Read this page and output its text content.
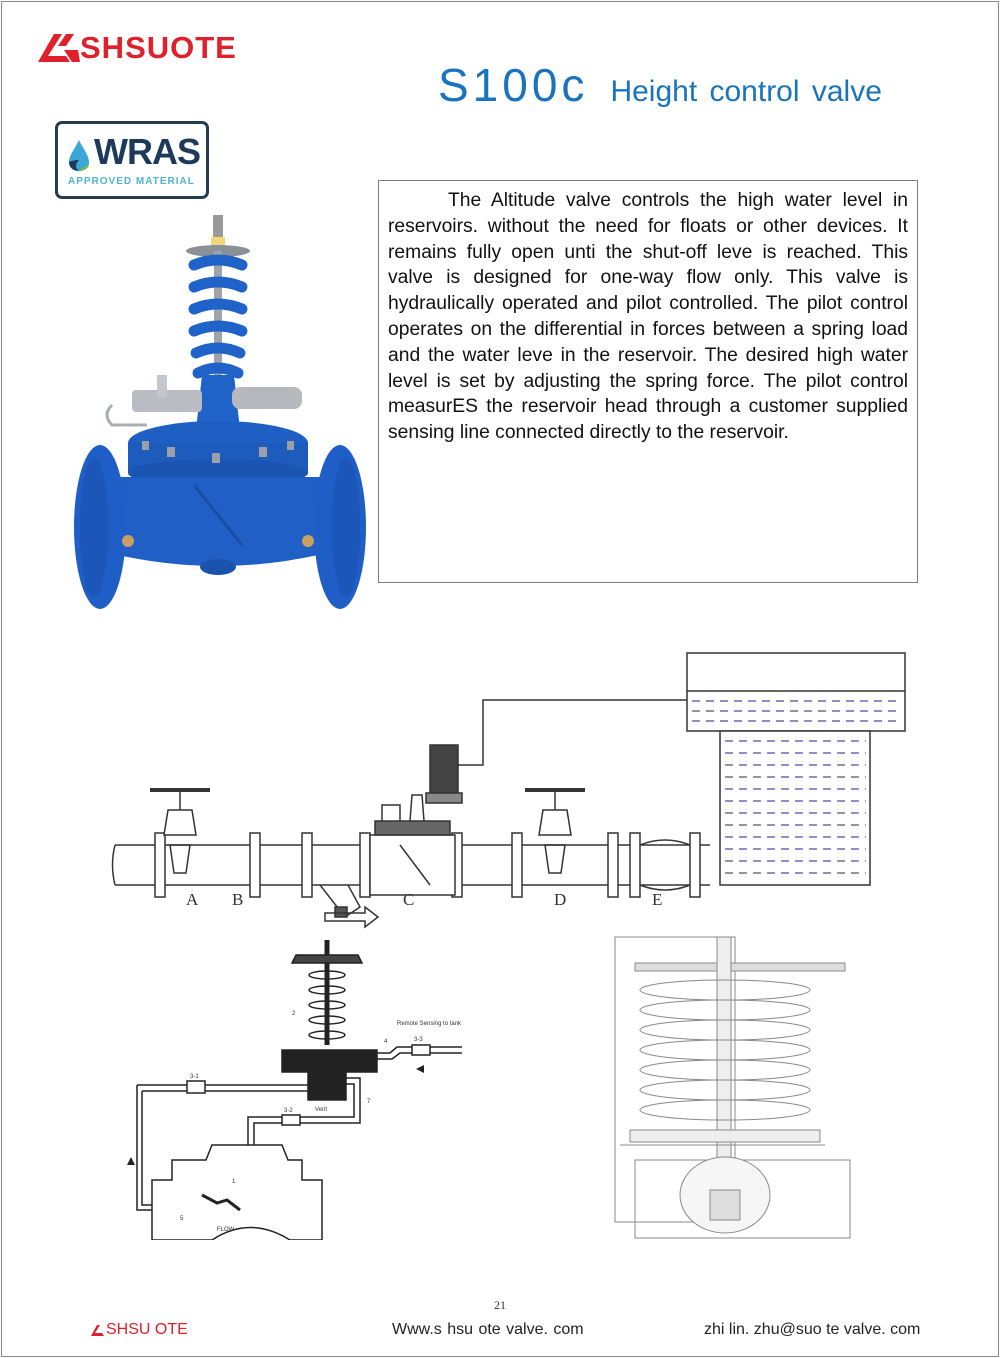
SHSUOTE
S100c Height control valve
WRAS
APPROVED MATERIAL

The Altitude valve controls the high water level in reservoirs. without the need for floats or other devices. It remains fully open unti the shut-off leve is reached. This valve is designed for one-way flow only. This valve is hydraulically operated and pilot controlled. The pilot control operates on the differential in forces between a spring load and the water leve in the reservoir. The desired high water level is set by adjusting the spring force. The pilot control measurES the reservoir head through a customer supplied sensing line connected directly to the reservoir.

A B	C	D	E
2
4	3-3
3-1
3-2
7
1
5
Vent
Remote Sensing to tank
FLOW
21
SHSU OTE	Www.s hsu ote valve. com	zhi lin. zhu@suo te valve. com
